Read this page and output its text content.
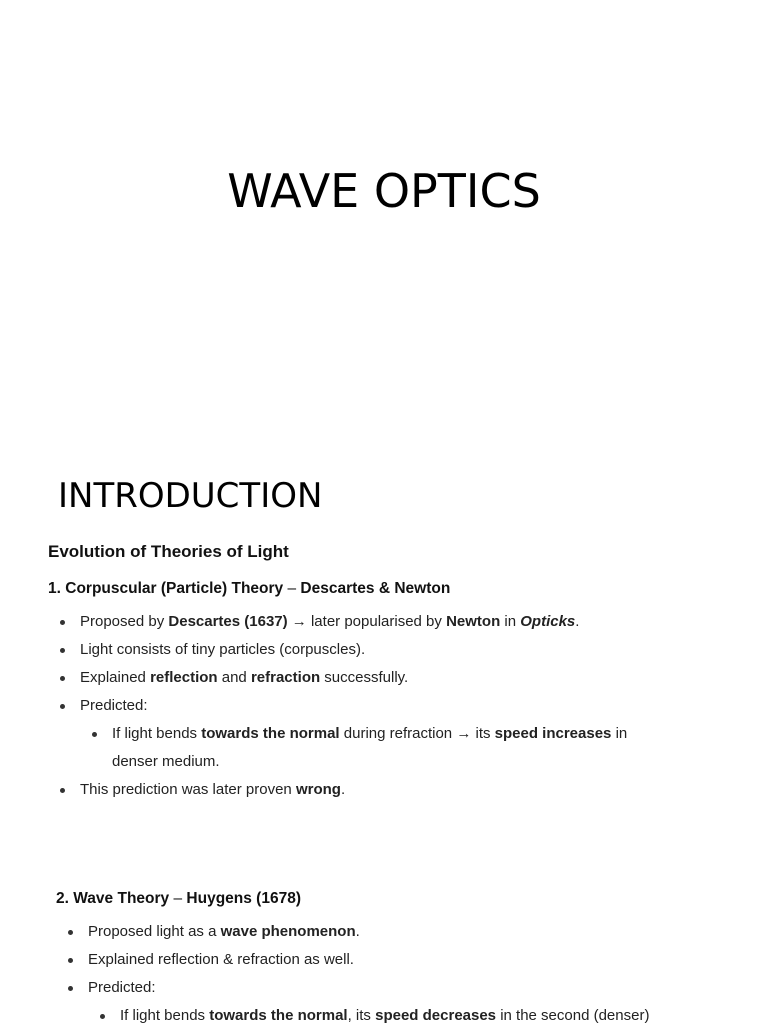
WAVE OPTICS
INTRODUCTION
Evolution of Theories of Light
1. Corpuscular (Particle) Theory – Descartes & Newton
Proposed by Descartes (1637) → later popularised by Newton in Opticks.
Light consists of tiny particles (corpuscles).
Explained reflection and refraction successfully.
Predicted:
If light bends towards the normal during refraction → its speed increases in denser medium.
This prediction was later proven wrong.
2. Wave Theory – Huygens (1678)
Proposed light as a wave phenomenon.
Explained reflection & refraction as well.
Predicted:
If light bends towards the normal, its speed decreases in the second (denser)
